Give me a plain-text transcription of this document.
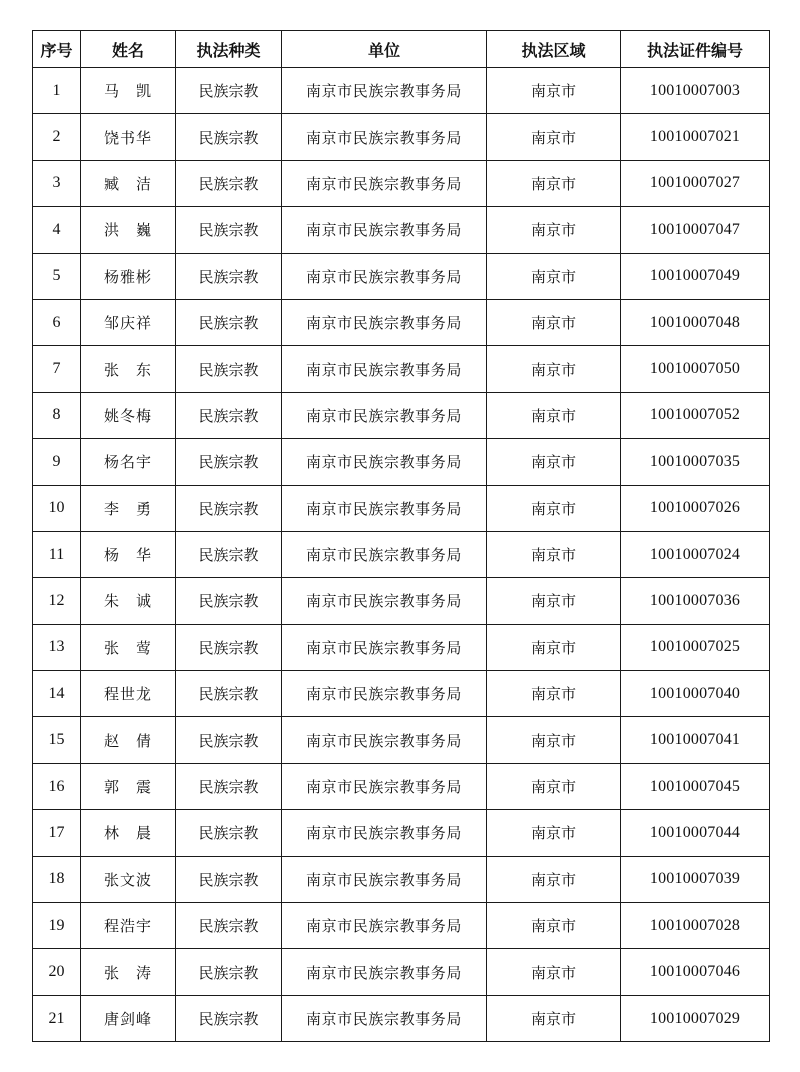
序号	姓名	执法种类	单位	执法区域	执法证件编号
1	马　凯	民族宗教	南京市民族宗教事务局	南京市	10010007003
2	饶书华	民族宗教	南京市民族宗教事务局	南京市	10010007021
3	臧　洁	民族宗教	南京市民族宗教事务局	南京市	10010007027
4	洪　巍	民族宗教	南京市民族宗教事务局	南京市	10010007047
5	杨雅彬	民族宗教	南京市民族宗教事务局	南京市	10010007049
6	邹庆祥	民族宗教	南京市民族宗教事务局	南京市	10010007048
7	张　东	民族宗教	南京市民族宗教事务局	南京市	10010007050
8	姚冬梅	民族宗教	南京市民族宗教事务局	南京市	10010007052
9	杨名宇	民族宗教	南京市民族宗教事务局	南京市	10010007035
10	李　勇	民族宗教	南京市民族宗教事务局	南京市	10010007026
11	杨　华	民族宗教	南京市民族宗教事务局	南京市	10010007024
12	朱　诚	民族宗教	南京市民族宗教事务局	南京市	10010007036
13	张　莺	民族宗教	南京市民族宗教事务局	南京市	10010007025
14	程世龙	民族宗教	南京市民族宗教事务局	南京市	10010007040
15	赵　倩	民族宗教	南京市民族宗教事务局	南京市	10010007041
16	郭　震	民族宗教	南京市民族宗教事务局	南京市	10010007045
17	林　晨	民族宗教	南京市民族宗教事务局	南京市	10010007044
18	张文波	民族宗教	南京市民族宗教事务局	南京市	10010007039
19	程浩宇	民族宗教	南京市民族宗教事务局	南京市	10010007028
20	张　涛	民族宗教	南京市民族宗教事务局	南京市	10010007046
21	唐剑峰	民族宗教	南京市民族宗教事务局	南京市	10010007029
